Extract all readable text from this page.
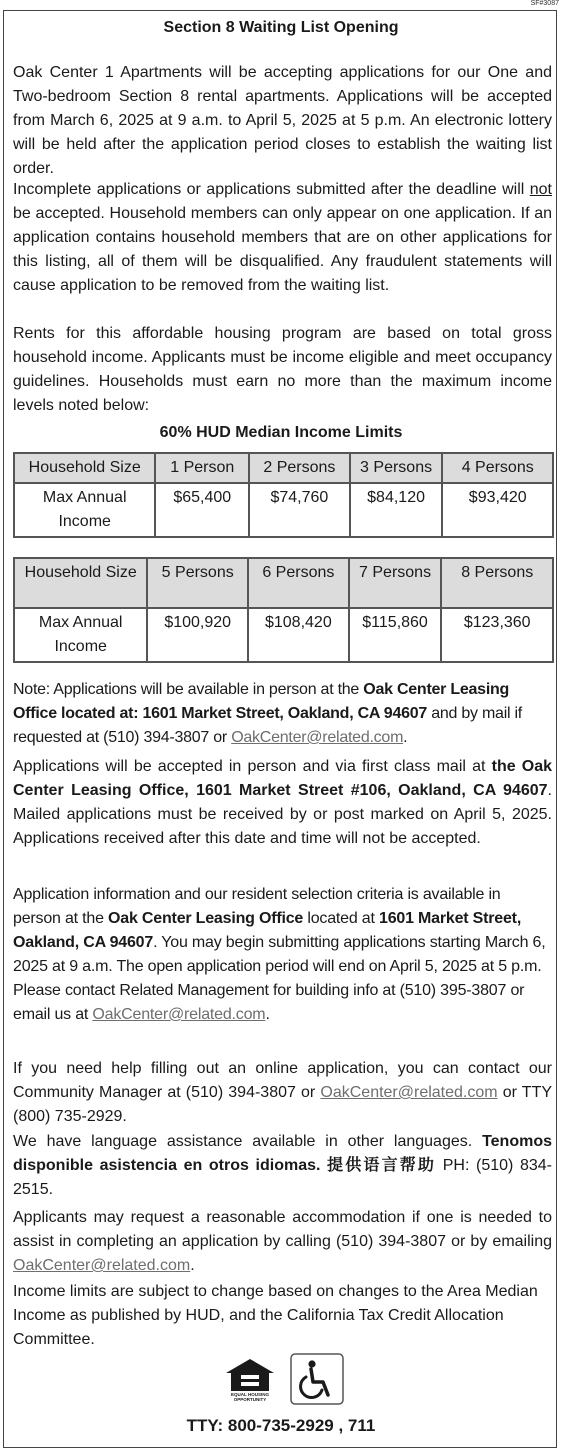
SF#3087
Section 8 Waiting List Opening

Oak Center 1 Apartments will be accepting applications for our One and Two-bedroom Section 8 rental apartments. Applications will be accepted from March 6, 2025 at 9 a.m. to April 5, 2025 at 5 p.m. An electronic lottery will be held after the application period closes to establish the waiting list order.

Incomplete applications or applications submitted after the deadline will not be accepted. Household members can only appear on one application. If an application contains household members that are on other applications for this listing, all of them will be disqualified. Any fraudulent statements will cause application to be removed from the waiting list.

Rents for this affordable housing program are based on total gross household income. Applicants must be income eligible and meet occupancy guidelines. Households must earn no more than the maximum income levels noted below:

60% HUD Median Income Limits
Household Size	1 Person	2 Persons	3 Persons	4 Persons
Max Annual Income	$65,400	$74,760	$84,120	$93,420
Household Size	5 Persons	6 Persons	7 Persons	8 Persons
Max Annual Income	$100,920	$108,420	$115,860	$123,360

Note: Applications will be available in person at the Oak Center Leasing Office located at: 1601 Market Street, Oakland, CA 94607 and by mail if requested at (510) 394-3807 or OakCenter@related.com.

Applications will be accepted in person and via first class mail at the Oak Center Leasing Office, 1601 Market Street #106, Oakland, CA 94607. Mailed applications must be received by or post marked on April 5, 2025. Applications received after this date and time will not be accepted.

Application information and our resident selection criteria is available in person at the Oak Center Leasing Office located at 1601 Market Street, Oakland, CA 94607. You may begin submitting applications starting March 6, 2025 at 9 a.m. The open application period will end on April 5, 2025 at 5 p.m. Please contact Related Management for building info at (510) 395-3807 or email us at OakCenter@related.com.

If you need help filling out an online application, you can contact our Community Manager at (510) 394-3807 or OakCenter@related.com or TTY (800) 735-2929.

We have language assistance available in other languages. Tenomos disponible asistencia en otros idiomas. 提供语言帮助 PH: (510) 834-2515.

Applicants may request a reasonable accommodation if one is needed to assist in completing an application by calling (510) 394-3807 or by emailing OakCenter@related.com.

Income limits are subject to change based on changes to the Area Median Income as published by HUD, and the California Tax Credit Allocation Committee.

EQUAL HOUSING
OPPORTUNITY
TTY: 800-735-2929 , 711
